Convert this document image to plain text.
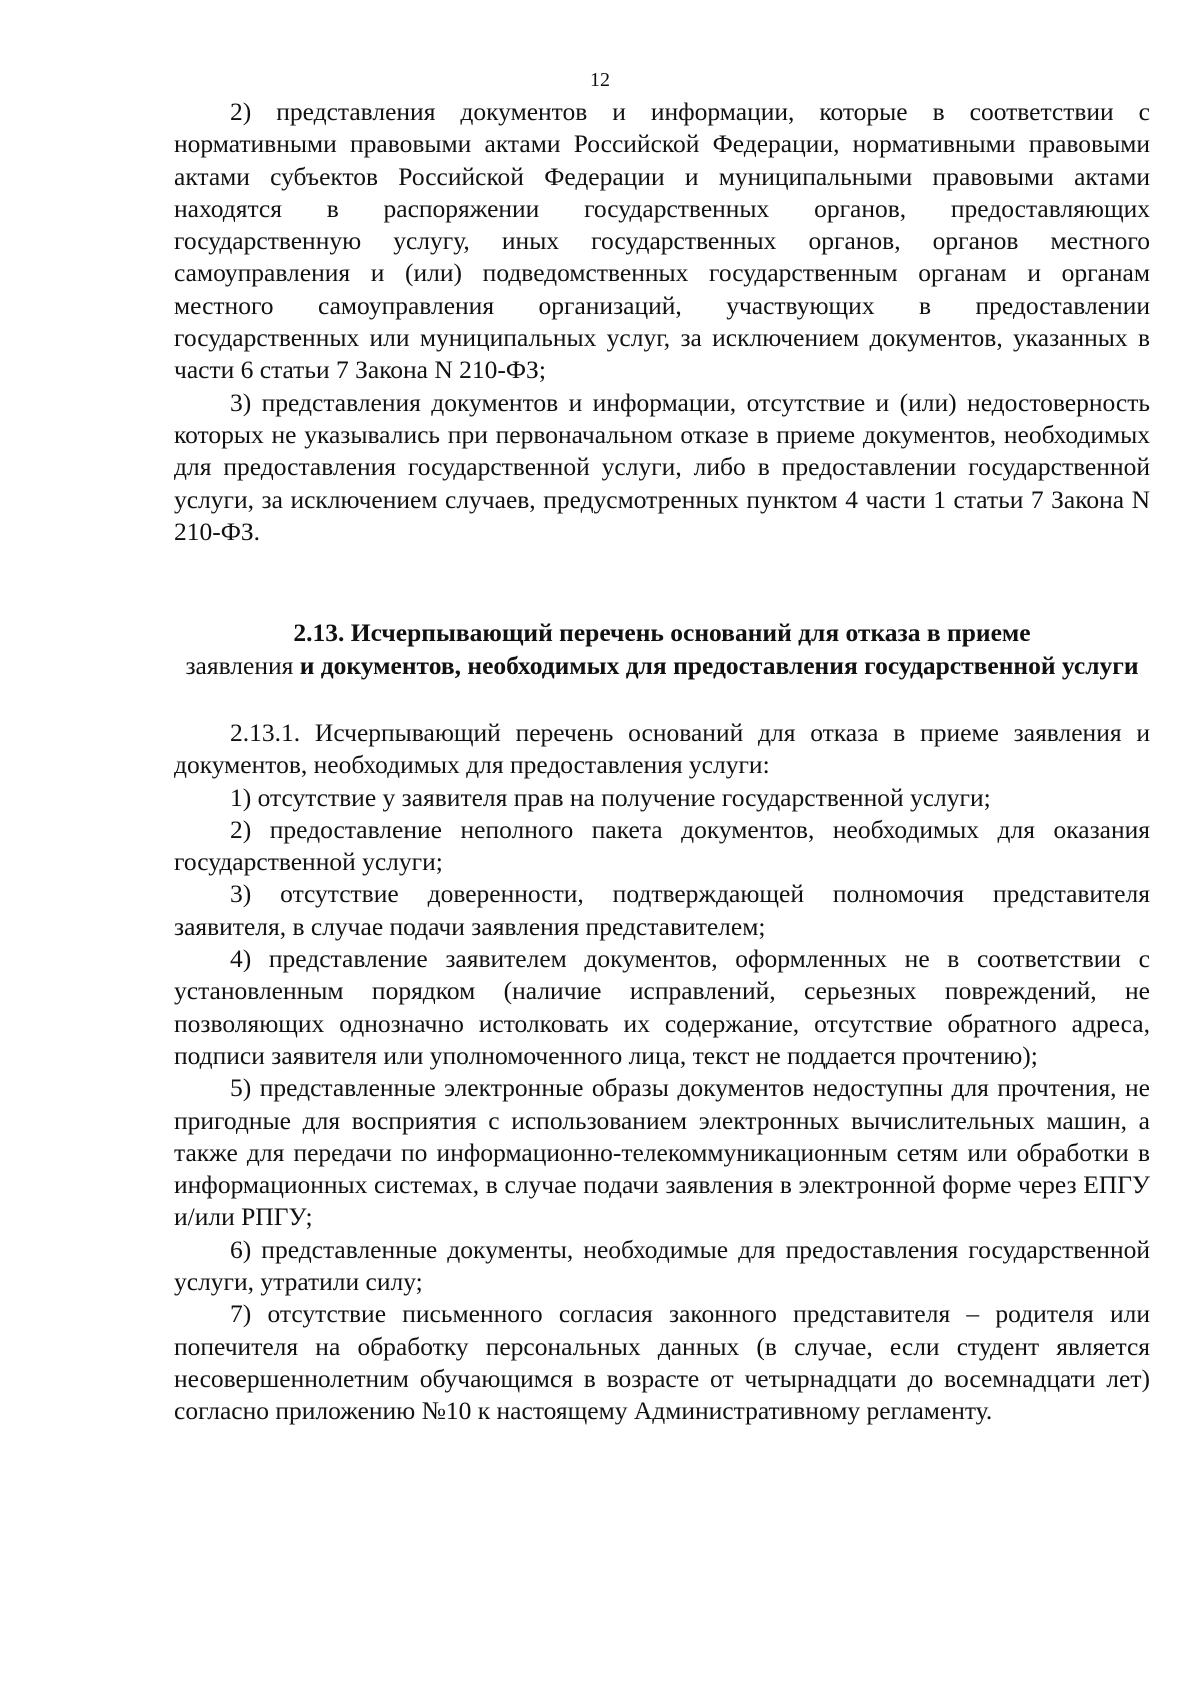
12

2) представления документов и информации, которые в соответствии с нормативными правовыми актами Российской Федерации, нормативными правовыми актами субъектов Российской Федерации и муниципальными правовыми актами находятся в распоряжении государственных органов, предоставляющих государственную услугу, иных государственных органов, органов местного самоуправления и (или) подведомственных государственным органам и органам местного самоуправления организаций, участвующих в предоставлении государственных или муниципальных услуг, за исключением документов, указанных в части 6 статьи 7 Закона N 210-ФЗ;

3) представления документов и информации, отсутствие и (или) недостоверность которых не указывались при первоначальном отказе в приеме документов, необходимых для предоставления государственной услуги, либо в предоставлении государственной услуги, за исключением случаев, предусмотренных пунктом 4 части 1 статьи 7 Закона N 210-ФЗ.

2.13. Исчерпывающий перечень оснований для отказа в приеме
заявления и документов, необходимых для предоставления государственной услуги

2.13.1. Исчерпывающий перечень оснований для отказа в приеме заявления и документов, необходимых для предоставления услуги:

1) отсутствие у заявителя прав на получение государственной услуги;

2) предоставление неполного пакета документов, необходимых для оказания государственной услуги;

3) отсутствие доверенности, подтверждающей полномочия представителя заявителя, в случае подачи заявления представителем;

4) представление заявителем документов, оформленных не в соответствии с установленным порядком (наличие исправлений, серьезных повреждений, не позволяющих однозначно истолковать их содержание, отсутствие обратного адреса, подписи заявителя или уполномоченного лица, текст не поддается прочтению);

5) представленные электронные образы документов недоступны для прочтения, не пригодные для восприятия с использованием электронных вычислительных машин, а также для передачи по информационно-телекоммуникационным сетям или обработки в информационных системах, в случае подачи заявления в электронной форме через ЕПГУ и/или РПГУ;

6) представленные документы, необходимые для предоставления государственной услуги, утратили силу;

7) отсутствие письменного согласия законного представителя – родителя или попечителя на обработку персональных данных (в случае, если студент является несовершеннолетним обучающимся в возрасте от четырнадцати до восемнадцати лет) согласно приложению №10 к настоящему Административному регламенту.
